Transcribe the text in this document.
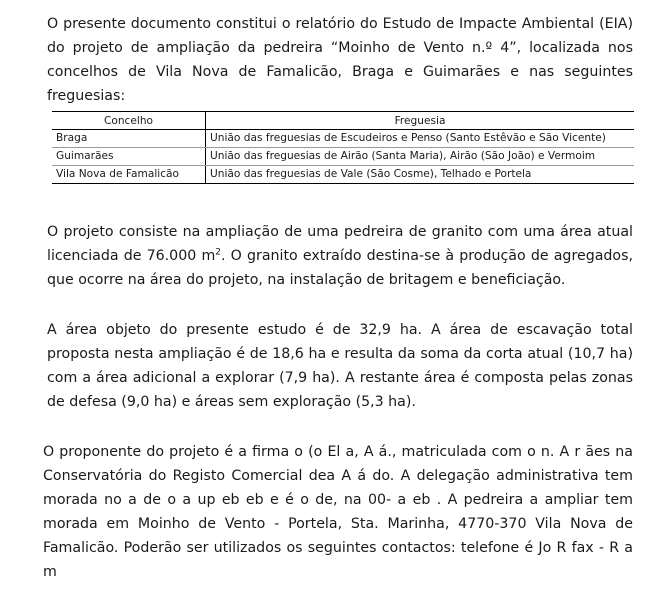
O presente documento constitui o relatório do Estudo de Impacte Ambiental (EIA) do projeto de ampliação da pedreira “Moinho de Vento n.º 4”, localizada nos concelhos de Vila Nova de Famalicão, Braga e Guimarães e nas seguintes freguesias:

Concelho	Freguesia
Braga	União das freguesias de Escudeiros e Penso (Santo Estêvão e São Vicente)
Guimarães	União das freguesias de Airão (Santa Maria), Airão (São João) e Vermoim
Vila Nova de Famalicão	União das freguesias de Vale (São Cosme), Telhado e Portela

O projeto consiste na ampliação de uma pedreira de granito com uma área atual licenciada de 76.000 $m^2$. O granito extraído destina-se à produção de agregados, que ocorre na área do projeto, na instalação de britagem e beneficiação.

A área objeto do presente estudo é de 32,9 ha. A área de escavação total proposta nesta ampliação é de 18,6 ha e resulta da soma da corta atual (10,7 ha) com a área adicional a explorar (7,9 ha). A restante área é composta pelas zonas de defesa (9,0 ha) e áreas sem exploração (5,3 ha).

O proponente do projeto é a firma o (o El a, A á., matriculada com o n. A r ães na Conservatória do Registo Comercial dea A á do. A delegação administrativa tem morada no a de o a up eb eb e é o de, na 00- a eb . A pedreira a ampliar tem morada em Moinho de Vento - Portela, Sta. Marinha, 4770-370 Vila Nova de Famalicão. Poderão ser utilizados os seguintes contactos: telefone é Jo R fax - R a m
